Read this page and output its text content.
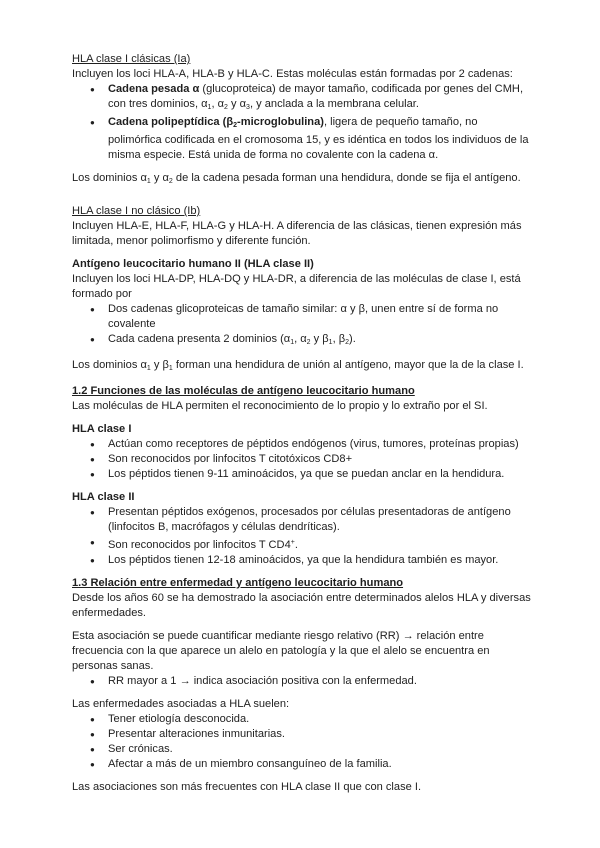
HLA clase I clásicas (Ia)

Incluyen los loci HLA-A, HLA-B y HLA-C. Estas moléculas están formadas por 2 cadenas:

● Cadena pesada α (glucoproteica) de mayor tamaño, codificada por genes del CMH, con tres dominios, $\alpha_1$, $\alpha_2$ y $\alpha_3$, y anclada a la membrana celular.
● Cadena polipeptídica $(\beta_2-microglobulina)$, ligera de pequeño tamaño, no polimórfica codificada en el cromosoma 15, y es idéntica en todos los individuos de la misma especie. Está unida de forma no covalente con la cadena α.

Los dominios $\alpha_1$ y $\alpha_2$ de la cadena pesada forman una hendidura, donde se fija el antígeno.

HLA clase I no clásico (Ib)

Incluyen HLA-E, HLA-F, HLA-G y HLA-H. A diferencia de las clásicas, tienen expresión más limitada, menor polimorfismo y diferente función.

Antígeno leucocitario humano II (HLA clase II)

Incluyen los loci HLA-DP, HLA-DQ y HLA-DR, a diferencia de las moléculas de clase I, está formado por

● Dos cadenas glicoproteicas de tamaño similar: α y β, unen entre sí de forma no covalente
● Cada cadena presenta 2 dominios ($\alpha_1$, $\alpha_2$ y $\beta_1$, $\beta_2$).

Los dominios $\alpha_1$ y $\beta_1$ forman una hendidura de unión al antígeno, mayor que la de la clase I.

1.2 Funciones de las moléculas de antígeno leucocitario humano

Las moléculas de HLA permiten el reconocimiento de lo propio y lo extraño por el SI.

HLA clase I

● Actúan como receptores de péptidos endógenos (virus, tumores, proteínas propias)
● Son reconocidos por linfocitos T citotóxicos CD8+
● Los péptidos tienen 9-11 aminoácidos, ya que se puedan anclar en la hendidura.

HLA clase II

● Presentan péptidos exógenos, procesados por células presentadoras de antígeno (linfocitos B, macrófagos y células dendríticas).
● Son reconocidos por linfocitos T CD4+.
● Los péptidos tienen 12-18 aminoácidos, ya que la hendidura también es mayor.

1.3 Relación entre enfermedad y antígeno leucocitario humano

Desde los años 60 se ha demostrado la asociación entre determinados alelos HLA y diversas enfermedades.

Esta asociación se puede cuantificar mediante riesgo relativo (RR) → relación entre frecuencia con la que aparece un alelo en patología y la que el alelo se encuentra en personas sanas.

● RR mayor a 1 → indica asociación positiva con la enfermedad.

Las enfermedades asociadas a HLA suelen:

● Tener etiología desconocida.
● Presentar alteraciones inmunitarias.
● Ser crónicas.
● Afectar a más de un miembro consanguíneo de la familia.

Las asociaciones son más frecuentes con HLA clase II que con clase I.
